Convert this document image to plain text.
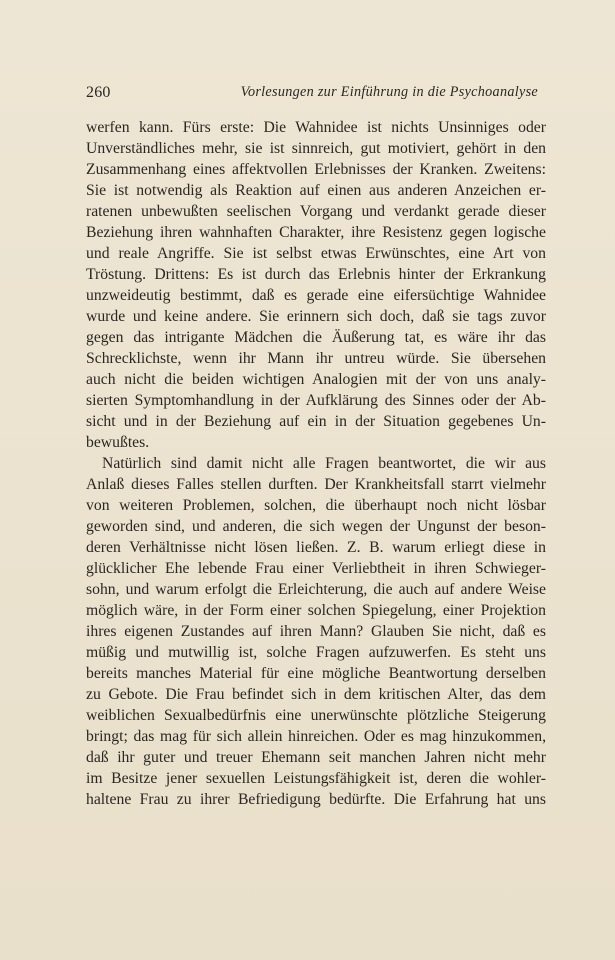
260	Vorlesungen zur Einführung in die Psychoanalyse

werfen kann. Fürs erste: Die Wahnidee ist nichts Unsinniges oder
Unverständliches mehr, sie ist sinnreich, gut motiviert, gehört in den
Zusammenhang eines affektvollen Erlebnisses der Kranken. Zweitens:
Sie ist notwendig als Reaktion auf einen aus anderen Anzeichen er-
ratenen unbewußten seelischen Vorgang und verdankt gerade dieser
Beziehung ihren wahnhaften Charakter, ihre Resistenz gegen logische
und reale Angriffe. Sie ist selbst etwas Erwünschtes, eine Art von
Tröstung. Drittens: Es ist durch das Erlebnis hinter der Erkrankung
unzweideutig bestimmt, daß es gerade eine eifersüchtige Wahnidee
wurde und keine andere. Sie erinnern sich doch, daß sie tags zuvor
gegen das intrigante Mädchen die Äußerung tat, es wäre ihr das
Schrecklichste, wenn ihr Mann ihr untreu würde. Sie übersehen
auch nicht die beiden wichtigen Analogien mit der von uns analy-
sierten Symptomhandlung in der Aufklärung des Sinnes oder der Ab-
sicht und in der Beziehung auf ein in der Situation gegebenes Un-
bewußtes.

Natürlich sind damit nicht alle Fragen beantwortet, die wir aus
Anlaß dieses Falles stellen durften. Der Krankheitsfall starrt vielmehr
von weiteren Problemen, solchen, die überhaupt noch nicht lösbar
geworden sind, und anderen, die sich wegen der Ungunst der beson-
deren Verhältnisse nicht lösen ließen. Z. B. warum erliegt diese in
glücklicher Ehe lebende Frau einer Verliebtheit in ihren Schwieger-
sohn, und warum erfolgt die Erleichterung, die auch auf andere Weise
möglich wäre, in der Form einer solchen Spiegelung, einer Projektion
ihres eigenen Zustandes auf ihren Mann? Glauben Sie nicht, daß es
müßig und mutwillig ist, solche Fragen aufzuwerfen. Es steht uns
bereits manches Material für eine mögliche Beantwortung derselben
zu Gebote. Die Frau befindet sich in dem kritischen Alter, das dem
weiblichen Sexualbedürfnis eine unerwünschte plötzliche Steigerung
bringt; das mag für sich allein hinreichen. Oder es mag hinzukommen,
daß ihr guter und treuer Ehemann seit manchen Jahren nicht mehr
im Besitze jener sexuellen Leistungsfähigkeit ist, deren die wohler-
haltene Frau zu ihrer Befriedigung bedürfte. Die Erfahrung hat uns
